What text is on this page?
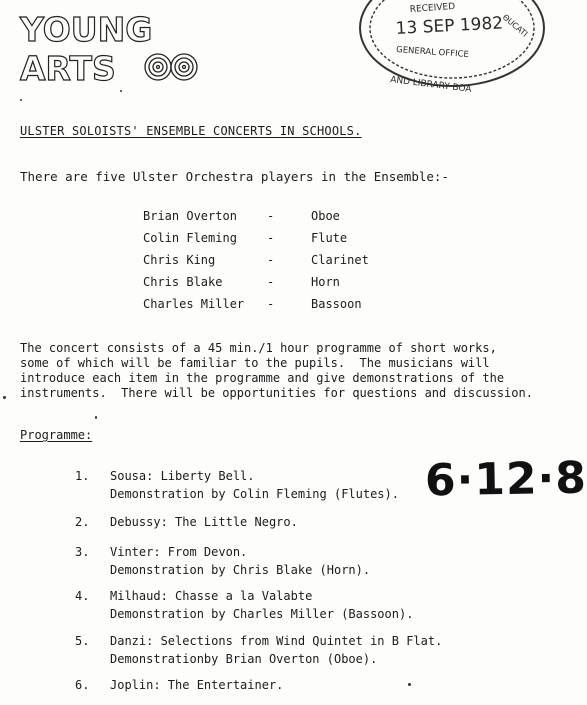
YOUNG
ARTS
RECEIVED
13 SEP 1982
GENERAL OFFICE
AND LIBRARY BOA
ΘUCATI
ULSTER SOLOISTS' ENSEMBLE CONCERTS IN SCHOOLS.
There are five Ulster Orchestra players in the Ensemble:-
Brian Overton	-	Oboe
Colin Fleming	-	Flute
Chris King	-	Clarinet
Chris Blake	-	Horn
Charles Miller -	Bassoon
The concert consists of a 45 min./1 hour programme of short works,
some of which will be familiar to the pupils.  The musicians will
introduce each item in the programme and give demonstrations of the
instruments.  There will be opportunities for questions and discussion.
Programme:
1. Sousa: Liberty Bell.
Demonstration by Colin Fleming (Flutes).
2. Debussy: The Little Negro.
3. Vinter: From Devon.
Demonstration by Chris Blake (Horn).
4. Milhaud: Chasse a la Valabte
Demonstration by Charles Miller (Bassoon).
5. Danzi: Selections from Wind Quintet in B Flat.
Demonstrationby Brian Overton (Oboe).
6. Joplin: The Entertainer.
6·12·8
